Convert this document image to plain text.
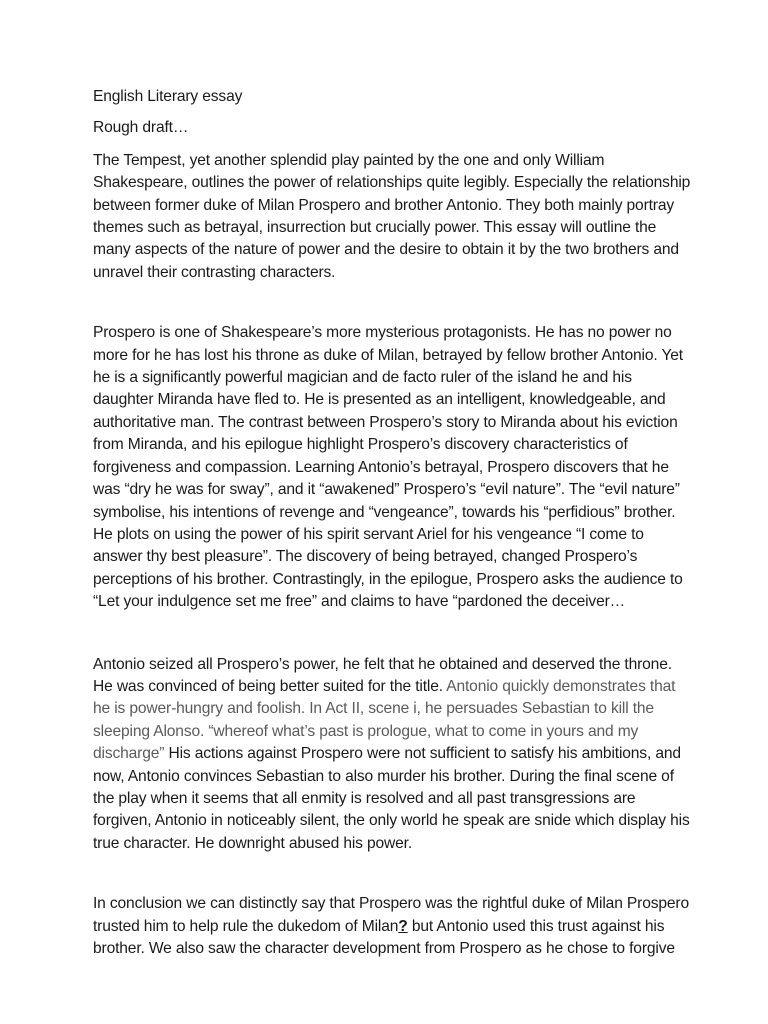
English Literary essay
Rough draft…
The Tempest, yet another splendid play painted by the one and only William
Shakespeare, outlines the power of relationships quite legibly. Especially the relationship
between former duke of Milan Prospero and brother Antonio. They both mainly portray
themes such as betrayal, insurrection but crucially power. This essay will outline the
many aspects of the nature of power and the desire to obtain it by the two brothers and
unravel their contrasting characters.
Prospero is one of Shakespeare’s more mysterious protagonists. He has no power no
more for he has lost his throne as duke of Milan, betrayed by fellow brother Antonio. Yet
he is a significantly powerful magician and de facto ruler of the island he and his
daughter Miranda have fled to. He is presented as an intelligent, knowledgeable, and
authoritative man. The contrast between Prospero’s story to Miranda about his eviction
from Miranda, and his epilogue highlight Prospero’s discovery characteristics of
forgiveness and compassion. Learning Antonio’s betrayal, Prospero discovers that he
was “dry he was for sway”, and it “awakened” Prospero’s “evil nature”. The “evil nature”
symbolise, his intentions of revenge and “vengeance”, towards his “perfidious” brother.
He plots on using the power of his spirit servant Ariel for his vengeance “I come to
answer thy best pleasure”. The discovery of being betrayed, changed Prospero’s
perceptions of his brother. Contrastingly, in the epilogue, Prospero asks the audience to
“Let your indulgence set me free” and claims to have “pardoned the deceiver…
Antonio seized all Prospero’s power, he felt that he obtained and deserved the throne.
He was convinced of being better suited for the title. Antonio quickly demonstrates that
he is power-hungry and foolish. In Act II, scene i, he persuades Sebastian to kill the
sleeping Alonso. “whereof what’s past is prologue, what to come in yours and my
discharge” His actions against Prospero were not sufficient to satisfy his ambitions, and
now, Antonio convinces Sebastian to also murder his brother. During the final scene of
the play when it seems that all enmity is resolved and all past transgressions are
forgiven, Antonio in noticeably silent, the only world he speak are snide which display his
true character. He downright abused his power.
In conclusion we can distinctly say that Prospero was the rightful duke of Milan Prospero
trusted him to help rule the dukedom of Milan? but Antonio used this trust against his
brother. We also saw the character development from Prospero as he chose to forgive
